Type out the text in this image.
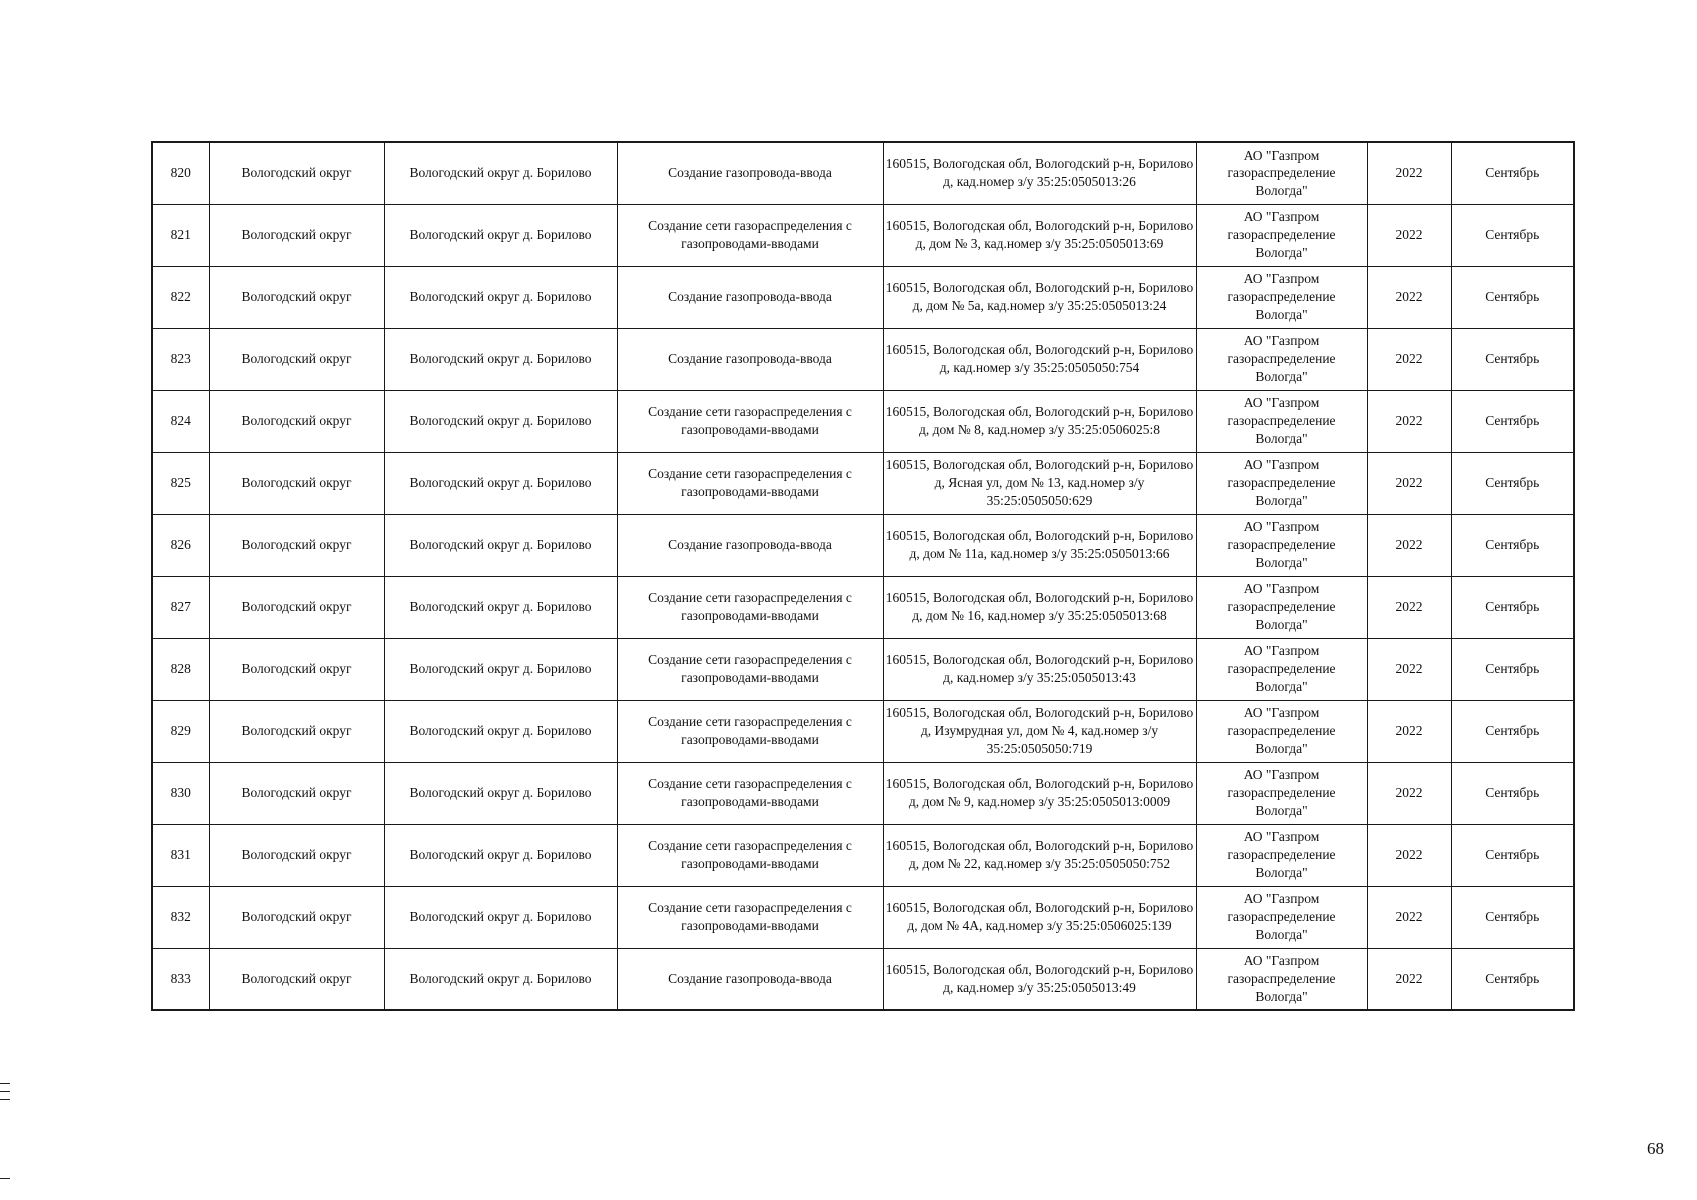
820	Вологодский округ	Вологодский округ д. Борилово	Создание газопровода-ввода	160515, Вологодская обл, Вологодский р-н, Борилово д, кад.номер з/у 35:25:0505013:26	АО "Газпром газораспределение Вологда"	2022	Сентябрь
821	Вологодский округ	Вологодский округ д. Борилово	Создание сети газораспределения с газопроводами-вводами	160515, Вологодская обл, Вологодский р-н, Борилово д, дом № 3, кад.номер з/у 35:25:0505013:69	АО "Газпром газораспределение Вологда"	2022	Сентябрь
822	Вологодский округ	Вологодский округ д. Борилово	Создание газопровода-ввода	160515, Вологодская обл, Вологодский р-н, Борилово д, дом № 5а, кад.номер з/у 35:25:0505013:24	АО "Газпром газораспределение Вологда"	2022	Сентябрь
823	Вологодский округ	Вологодский округ д. Борилово	Создание газопровода-ввода	160515, Вологодская обл, Вологодский р-н, Борилово д, кад.номер з/у 35:25:0505050:754	АО "Газпром газораспределение Вологда"	2022	Сентябрь
824	Вологодский округ	Вологодский округ д. Борилово	Создание сети газораспределения с газопроводами-вводами	160515, Вологодская обл, Вологодский р-н, Борилово д, дом № 8, кад.номер з/у 35:25:0506025:8	АО "Газпром газораспределение Вологда"	2022	Сентябрь
825	Вологодский округ	Вологодский округ д. Борилово	Создание сети газораспределения с газопроводами-вводами	160515, Вологодская обл, Вологодский р-н, Борилово д, Ясная ул, дом № 13, кад.номер з/у 35:25:0505050:629	АО "Газпром газораспределение Вологда"	2022	Сентябрь
826	Вологодский округ	Вологодский округ д. Борилово	Создание газопровода-ввода	160515, Вологодская обл, Вологодский р-н, Борилово д, дом № 11а, кад.номер з/у 35:25:0505013:66	АО "Газпром газораспределение Вологда"	2022	Сентябрь
827	Вологодский округ	Вологодский округ д. Борилово	Создание сети газораспределения с газопроводами-вводами	160515, Вологодская обл, Вологодский р-н, Борилово д, дом № 16, кад.номер з/у 35:25:0505013:68	АО "Газпром газораспределение Вологда"	2022	Сентябрь
828	Вологодский округ	Вологодский округ д. Борилово	Создание сети газораспределения с газопроводами-вводами	160515, Вологодская обл, Вологодский р-н, Борилово д, кад.номер з/у 35:25:0505013:43	АО "Газпром газораспределение Вологда"	2022	Сентябрь
829	Вологодский округ	Вологодский округ д. Борилово	Создание сети газораспределения с газопроводами-вводами	160515, Вологодская обл, Вологодский р-н, Борилово д, Изумрудная ул, дом № 4, кад.номер з/у 35:25:0505050:719	АО "Газпром газораспределение Вологда"	2022	Сентябрь
830	Вологодский округ	Вологодский округ д. Борилово	Создание сети газораспределения с газопроводами-вводами	160515, Вологодская обл, Вологодский р-н, Борилово д, дом № 9, кад.номер з/у 35:25:0505013:0009	АО "Газпром газораспределение Вологда"	2022	Сентябрь
831	Вологодский округ	Вологодский округ д. Борилово	Создание сети газораспределения с газопроводами-вводами	160515, Вологодская обл, Вологодский р-н, Борилово д, дом № 22, кад.номер з/у 35:25:0505050:752	АО "Газпром газораспределение Вологда"	2022	Сентябрь
832	Вологодский округ	Вологодский округ д. Борилово	Создание сети газораспределения с газопроводами-вводами	160515, Вологодская обл, Вологодский р-н, Борилово д, дом № 4А, кад.номер з/у 35:25:0506025:139	АО "Газпром газораспределение Вологда"	2022	Сентябрь
833	Вологодский округ	Вологодский округ д. Борилово	Создание газопровода-ввода	160515, Вологодская обл, Вологодский р-н, Борилово д, кад.номер з/у 35:25:0505013:49	АО "Газпром газораспределение Вологда"	2022	Сентябрь
68
